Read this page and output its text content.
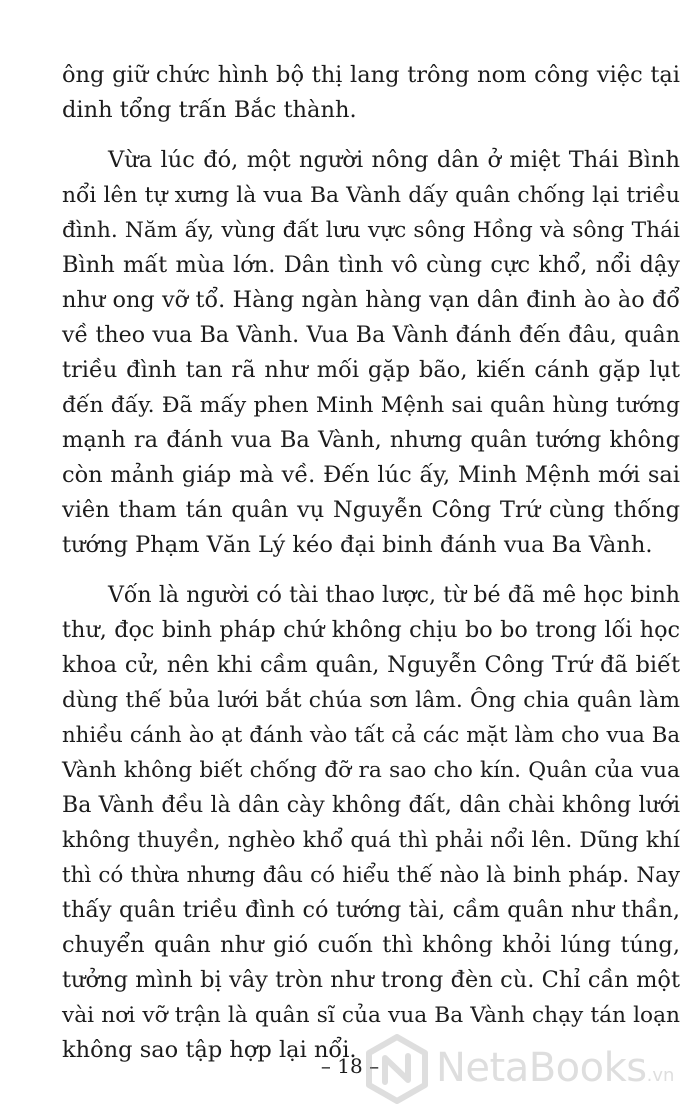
ông giữ chức hình bộ thị lang trông nom công việc tại
dinh tổng trấn Bắc thành.
Vừa lúc đó, một người nông dân ở miệt Thái Bình
nổi lên tự xưng là vua Ba Vành dấy quân chống lại triều
đình. Năm ấy, vùng đất lưu vực sông Hồng và sông Thái
Bình mất mùa lớn. Dân tình vô cùng cực khổ, nổi dậy
như ong vỡ tổ. Hàng ngàn hàng vạn dân đinh ào ào đổ
về theo vua Ba Vành. Vua Ba Vành đánh đến đâu, quân
triều đình tan rã như mối gặp bão, kiến cánh gặp lụt
đến đấy. Đã mấy phen Minh Mệnh sai quân hùng tướng
mạnh ra đánh vua Ba Vành, nhưng quân tướng không
còn mảnh giáp mà về. Đến lúc ấy, Minh Mệnh mới sai
viên tham tán quân vụ Nguyễn Công Trứ cùng thống
tướng Phạm Văn Lý kéo đại binh đánh vua Ba Vành.
Vốn là người có tài thao lược, từ bé đã mê học binh
thư, đọc binh pháp chứ không chịu bo bo trong lối học
khoa cử, nên khi cầm quân, Nguyễn Công Trứ đã biết
dùng thế bủa lưới bắt chúa sơn lâm. Ông chia quân làm
nhiều cánh ào ạt đánh vào tất cả các mặt làm cho vua Ba
Vành không biết chống đỡ ra sao cho kín. Quân của vua
Ba Vành đều là dân cày không đất, dân chài không lưới
không thuyền, nghèo khổ quá thì phải nổi lên. Dũng khí
thì có thừa nhưng đâu có hiểu thế nào là binh pháp. Nay
thấy quân triều đình có tướng tài, cầm quân như thần,
chuyển quân như gió cuốn thì không khỏi lúng túng,
tưởng mình bị vây tròn như trong đèn cù. Chỉ cần một
vài nơi vỡ trận là quân sĩ của vua Ba Vành chạy tán loạn
không sao tập hợp lại nổi.
– 18 –	NetaBooks.vn
